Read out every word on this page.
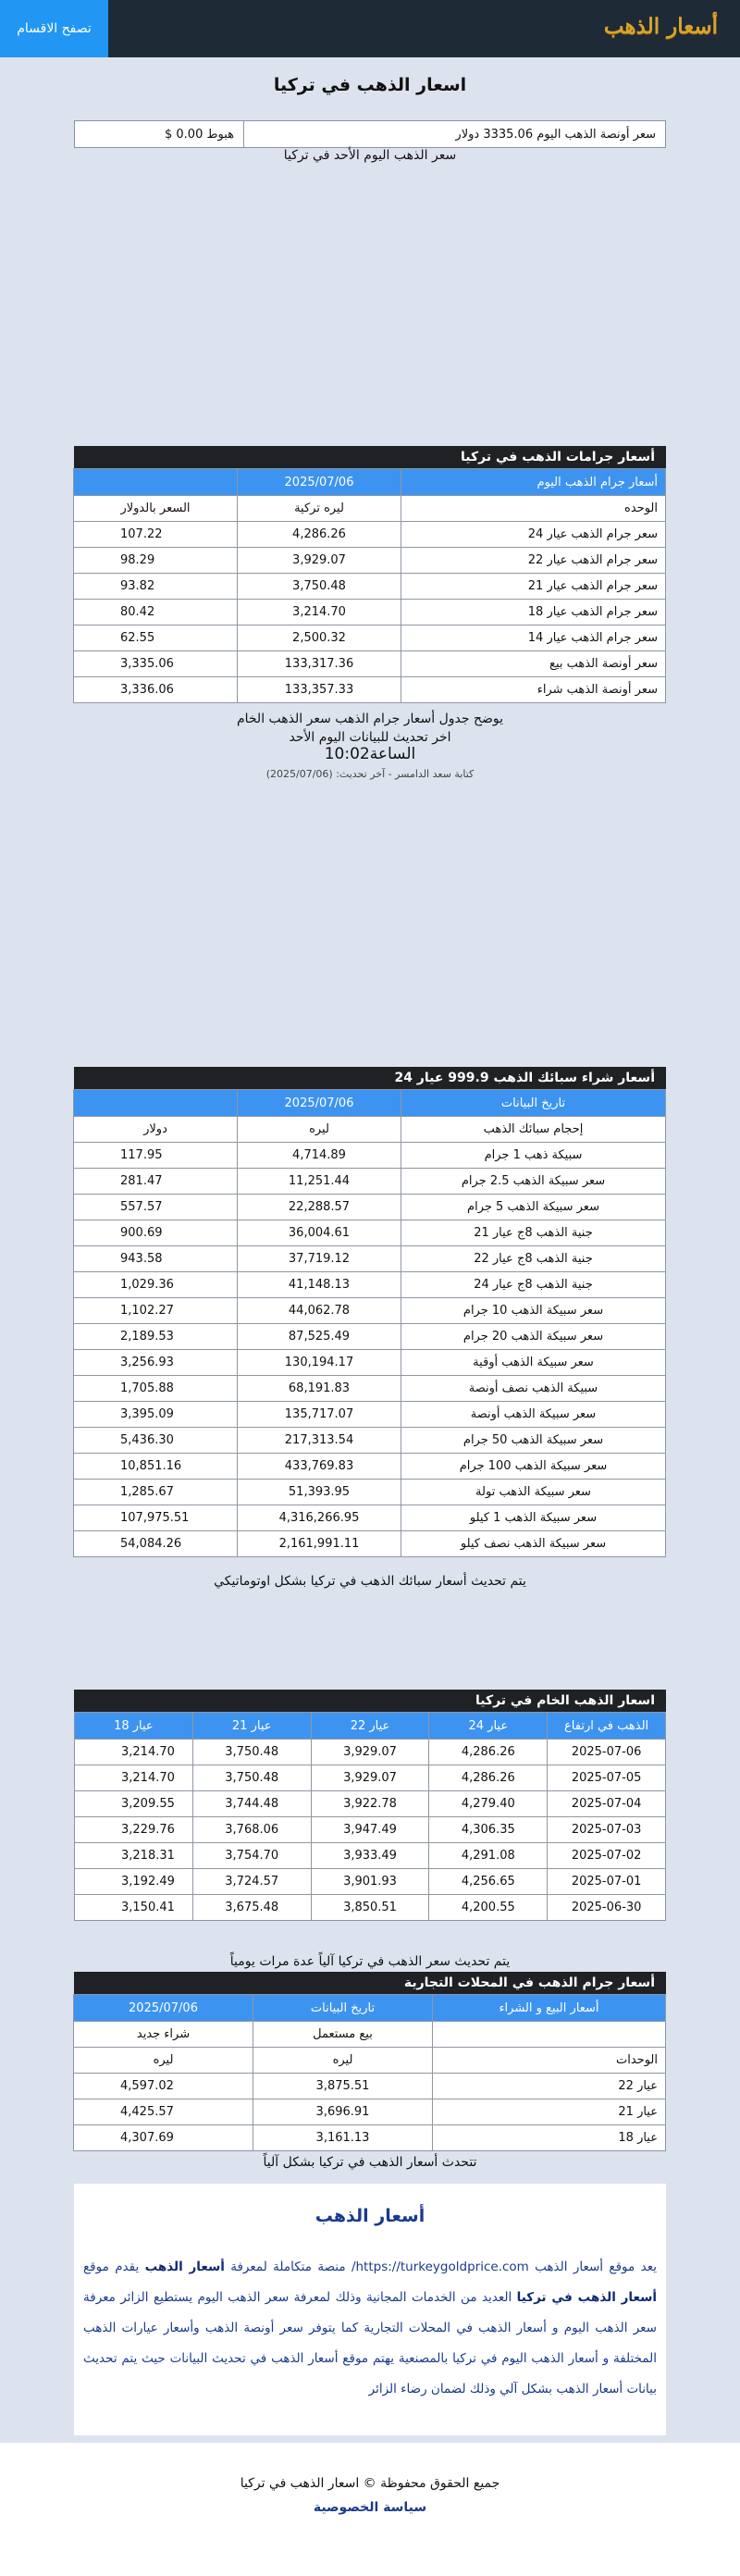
أسعار الذهب
تصفح الاقسام
اسعار الذهب في تركيا
سعر أونصة الذهب اليوم 3335.06 دولار	هبوط 0.00 $
سعر الذهب اليوم الأحد في تركيا
أسعار جرامات الذهب في تركيا
أسعار جرام الذهب اليوم	2025/07/06	
الوحده	ليره تركية	السعر بالدولار
سعر جرام الذهب عيار 24	4,286.26	107.22
سعر جرام الذهب عيار 22	3,929.07	98.29
سعر جرام الذهب عيار 21	3,750.48	93.82
سعر جرام الذهب عيار 18	3,214.70	80.42
سعر جرام الذهب عيار 14	2,500.32	62.55
سعر أونصة الذهب بيع	133,317.36	3,335.06
سعر أونصة الذهب شراء	133,357.33	3,336.06
يوضح جدول أسعار جرام الذهب سعر الذهب الخام
اخر تحديث للبيانات اليوم الأحد
الساعة10:02
كتابة سعد الدامسر - آخر تحديث: (2025/07/06)
أسعار شراء سبائك الذهب 999.9 عيار 24
تاريخ البيانات	2025/07/06	
إحجام سبائك الذهب	ليره	دولار
سبيكة ذهب 1 جرام	4,714.89	117.95
سعر سبيكة الذهب 2.5 جرام	11,251.44	281.47
سعر سبيكة الذهب 5 جرام	22,288.57	557.57
جنية الذهب 8ج عيار 21	36,004.61	900.69
جنية الذهب 8ج عيار 22	37,719.12	943.58
جنية الذهب 8ج عيار 24	41,148.13	1,029.36
سعر سبيكة الذهب 10 جرام	44,062.78	1,102.27
سعر سبيكة الذهب 20 جرام	87,525.49	2,189.53
سعر سبيكة الذهب أوقية	130,194.17	3,256.93
سبيكة الذهب نصف أونصة	68,191.83	1,705.88
سعر سبيكة الذهب أونصة	135,717.07	3,395.09
سعر سبيكة الذهب 50 جرام	217,313.54	5,436.30
سعر سبيكة الذهب 100 جرام	433,769.83	10,851.16
سعر سبيكة الذهب تولة	51,393.95	1,285.67
سعر سبيكة الذهب 1 كيلو	4,316,266.95	107,975.51
سعر سبيكة الذهب نصف كيلو	2,161,991.11	54,084.26
يتم تحديث أسعار سبائك الذهب في تركيا بشكل اوتوماتيكي
اسعار الذهب الخام في تركيا
الذهب في ارتفاع	عيار 24	عيار 22	عيار 21	عيار 18
2025-07-06	4,286.26	3,929.07	3,750.48	3,214.70
2025-07-05	4,286.26	3,929.07	3,750.48	3,214.70
2025-07-04	4,279.40	3,922.78	3,744.48	3,209.55
2025-07-03	4,306.35	3,947.49	3,768.06	3,229.76
2025-07-02	4,291.08	3,933.49	3,754.70	3,218.31
2025-07-01	4,256.65	3,901.93	3,724.57	3,192.49
2025-06-30	4,200.55	3,850.51	3,675.48	3,150.41
يتم تحديث سعر الذهب في تركيا آلياً عدة مرات يومياً
أسعار جرام الذهب في المحلات التجارية
أسعار البيع و الشراء	تاريخ البيانات	2025/07/06
	بيع مستعمل	شراء جديد
الوحدات	ليره	ليره
عيار 22	3,875.51	4,597.02
عيار 21	3,696.91	4,425.57
عيار 18	3,161.13	4,307.69
تتحدث أسعار الذهب في تركيا بشكل آلياً
أسعار الذهب

يعد موقع أسعار الذهب https://turkeygoldprice.com/ منصة متكاملة لمعرفة أسعار الذهب يقدم موقع أسعار الذهب في تركيا العديد من الخدمات المجانية وذلك لمعرفة سعر الذهب اليوم يستطيع الزائر معرفة سعر الذهب اليوم و أسعار الذهب في المحلات التجارية كما يتوفر سعر أونصة الذهب وأسعار عيارات الذهب المختلفة و أسعار الذهب اليوم في تركيا بالمصنعية يهتم موقع أسعار الذهب في تحديث البيانات حيث يتم تحديث بيانات أسعار الذهب بشكل آلي وذلك لضمان رضاء الزائر

جميع الحقوق محفوظة © اسعار الذهب في تركيا
سياسة الخصوصية
